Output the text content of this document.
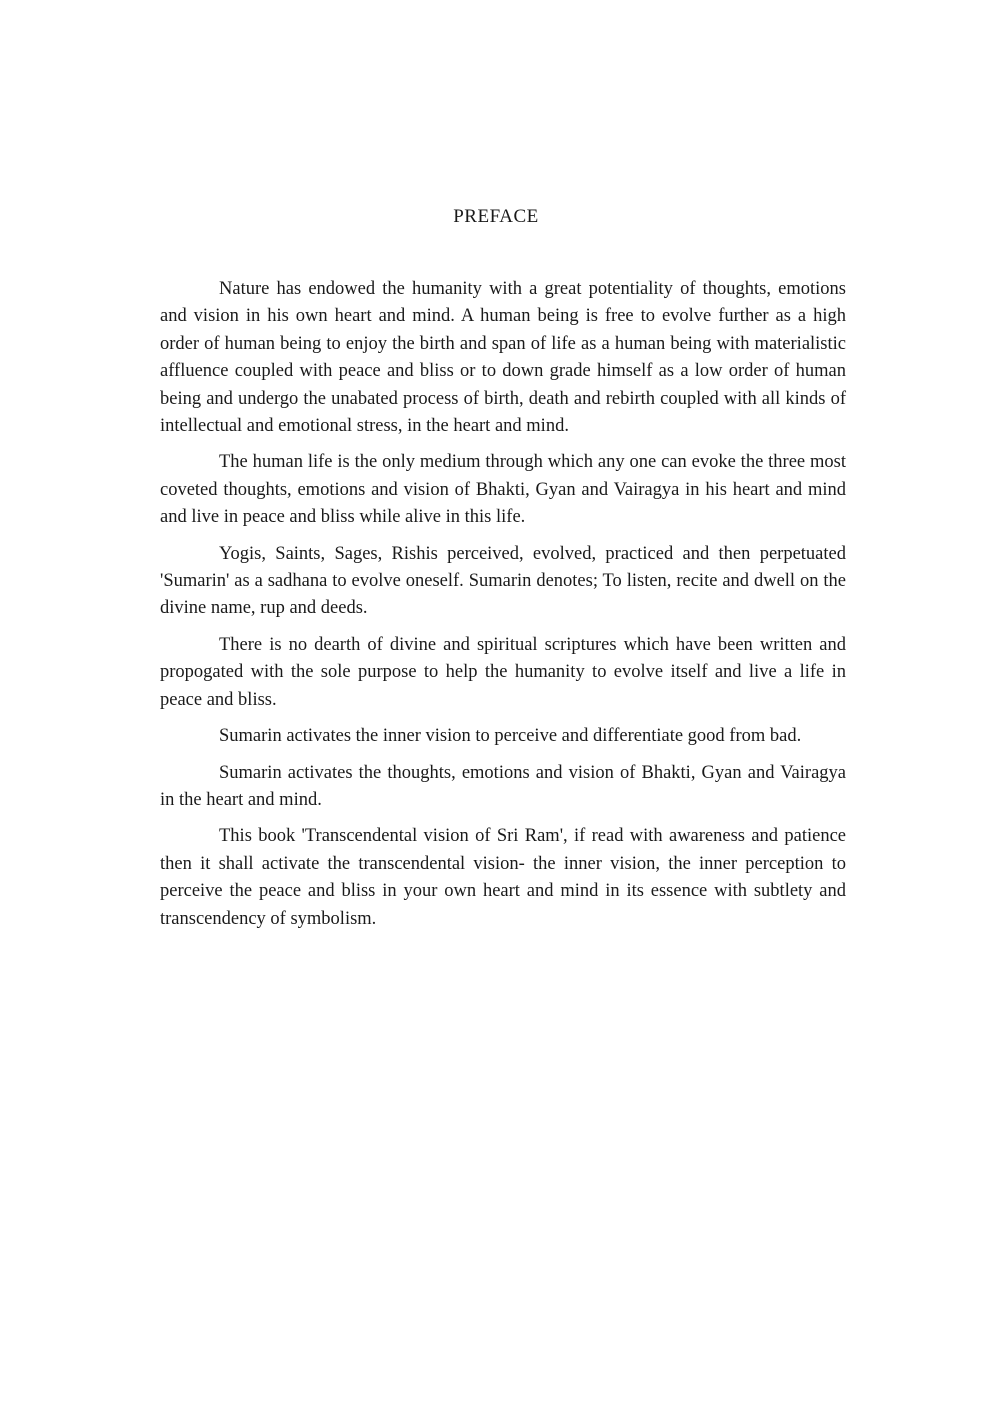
PREFACE

Nature has endowed the humanity with a great potentiality of thoughts, emotions and vision in his own heart and mind. A human being is free to evolve further as a high order of human being to enjoy the birth and span of life as a human being with materialistic affluence coupled with peace and bliss or to down grade himself as a low order of human being and undergo the unabated process of birth, death and rebirth coupled with all kinds of intellectual and emotional stress, in the heart and mind.

The human life is the only medium through which any one can evoke the three most coveted thoughts, emotions and vision of Bhakti, Gyan and Vairagya in his heart and mind and live in peace and bliss while alive in this life.

Yogis, Saints, Sages, Rishis perceived, evolved, practiced and then perpetuated 'Sumarin' as a sadhana to evolve oneself. Sumarin denotes; To listen, recite and dwell on the divine name, rup and deeds.

There is no dearth of divine and spiritual scriptures which have been written and propogated with the sole purpose to help the humanity to evolve itself and live a life in peace and bliss.

Sumarin activates the inner vision to perceive and differentiate good from bad.

Sumarin activates the thoughts, emotions and vision of Bhakti, Gyan and Vairagya in the heart and mind.

This book 'Transcendental vision of Sri Ram', if read with awareness and patience then it shall activate the transcendental vision- the inner vision, the inner perception to perceive the peace and bliss in your own heart and mind in its essence with subtlety and transcendency of symbolism.
